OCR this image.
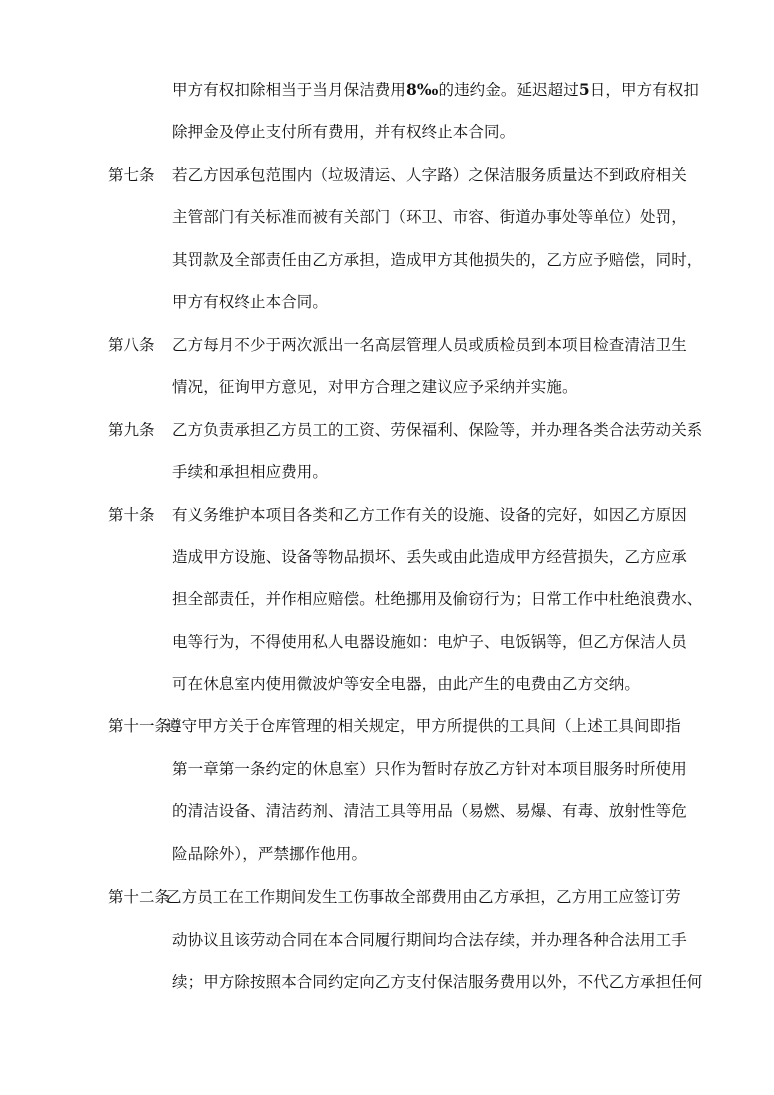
甲方有权扣除相当于当月保洁费用8‰的违约金。延迟超过5日，甲方有权扣
除押金及停止支付所有费用，并有权终止本合同。
第七条 若乙方因承包范围内（垃圾清运、人字路）之保洁服务质量达不到政府相关
主管部门有关标准而被有关部门（环卫、市容、街道办事处等单位）处罚，
其罚款及全部责任由乙方承担，造成甲方其他损失的，乙方应予赔偿，同时，
甲方有权终止本合同。
第八条 乙方每月不少于两次派出一名高层管理人员或质检员到本项目检查清洁卫生
情况，征询甲方意见，对甲方合理之建议应予采纳并实施。
第九条 乙方负责承担乙方员工的工资、劳保福利、保险等，并办理各类合法劳动关系
手续和承担相应费用。
第十条 有义务维护本项目各类和乙方工作有关的设施、设备的完好，如因乙方原因
造成甲方设施、设备等物品损坏、丢失或由此造成甲方经营损失，乙方应承
担全部责任，并作相应赔偿。杜绝挪用及偷窃行为；日常工作中杜绝浪费水、
电等行为，不得使用私人电器设施如：电炉子、电饭锅等，但乙方保洁人员
可在休息室内使用微波炉等安全电器，由此产生的电费由乙方交纳。
第十一条
遵守甲方关于仓库管理的相关规定，甲方所提供的工具间（上述工具间即指
第一章第一条约定的休息室）只作为暂时存放乙方针对本项目服务时所使用
的清洁设备、清洁药剂、清洁工具等用品（易燃、易爆、有毒、放射性等危
险品除外），严禁挪作他用。
第十二条
乙方员工在工作期间发生工伤事故全部费用由乙方承担，乙方用工应签订劳
动协议且该劳动合同在本合同履行期间均合法存续，并办理各种合法用工手
续；甲方除按照本合同约定向乙方支付保洁服务费用以外，不代乙方承担任何
